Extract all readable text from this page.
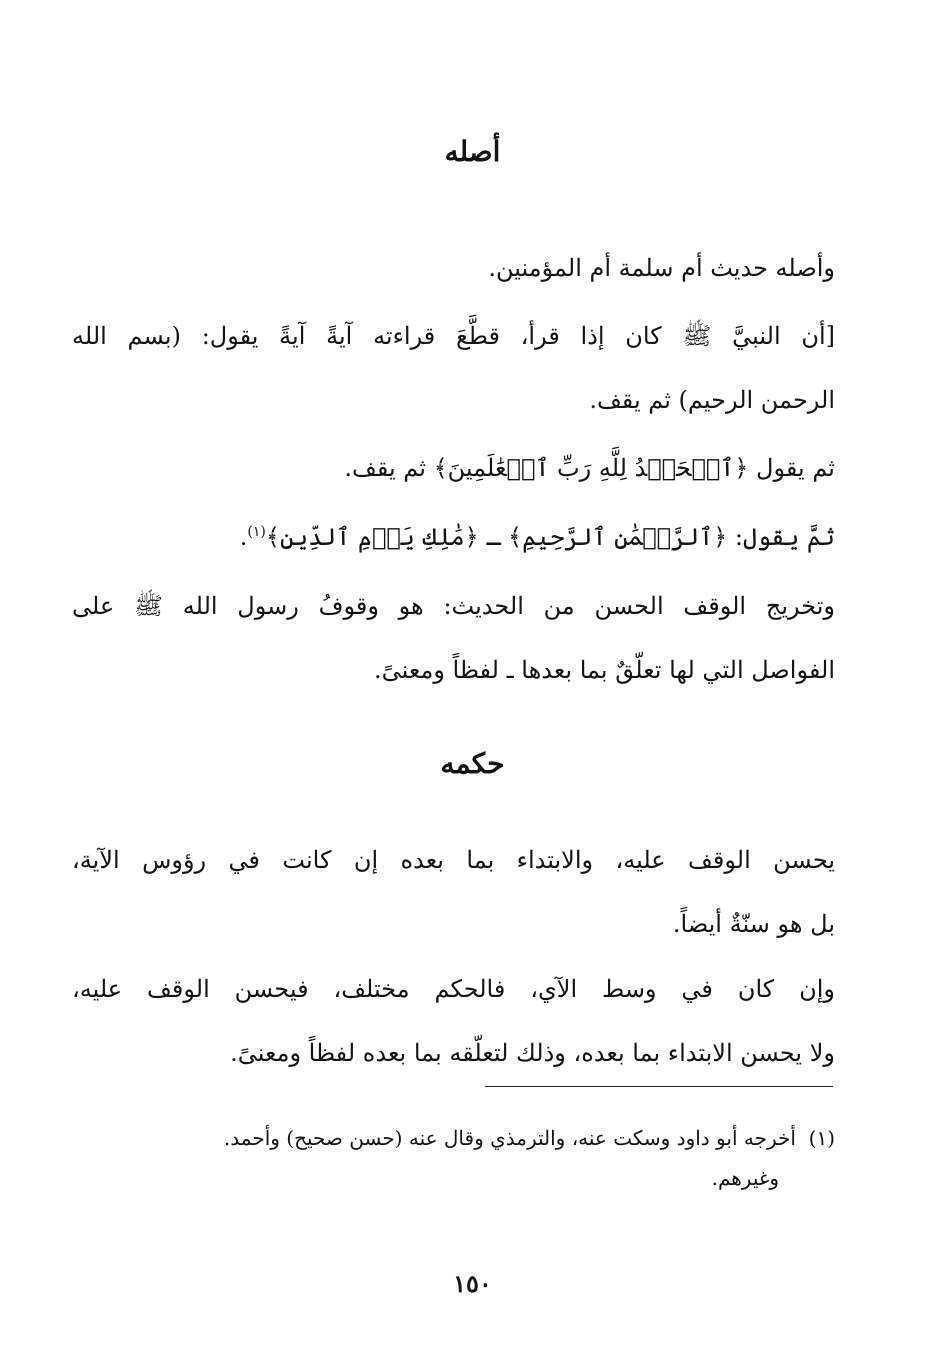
أصله
وأصله حديث أم سلمة أم المؤمنين.
[أن النبيَّ ﷺ كان إذا قرأ، قطَّعَ قراءته آيةً آيةً يقول: (بسم الله
الرحمن الرحيم) ثم يقف.
ثم يقول ﴿ٱلۡحَمۡدُ لِلَّهِ رَبِّ ٱلۡعَٰلَمِينَ﴾ ثم يقف.
ثمَّ يقول: ﴿ٱلرَّحۡمَٰنِ ٱلرَّحِيمِ﴾ ـ ﴿مَٰلِكِ يَوۡمِ ٱلدِّينِ﴾$^{(١)}$.
وتخريج الوقف الحسن من الحديث: هو وقوفُ رسول الله ﷺ على
الفواصل التي لها تعلّقٌ بما بعدها ـ لفظاً ومعنىً.
حكمه
يحسن الوقف عليه، والابتداء بما بعده إن كانت في رؤوس الآية،
بل هو سنّةٌ أيضاً.
وإن كان في وسط الآي، فالحكم مختلف، فيحسن الوقف عليه،
ولا يحسن الابتداء بما بعده، وذلك لتعلّقه بما بعده لفظاً ومعنىً.
(١)  أخرجه أبو داود وسكت عنه، والترمذي وقال عنه (حسن صحيح) وأحمد.
وغيرهم.
١٥٠
